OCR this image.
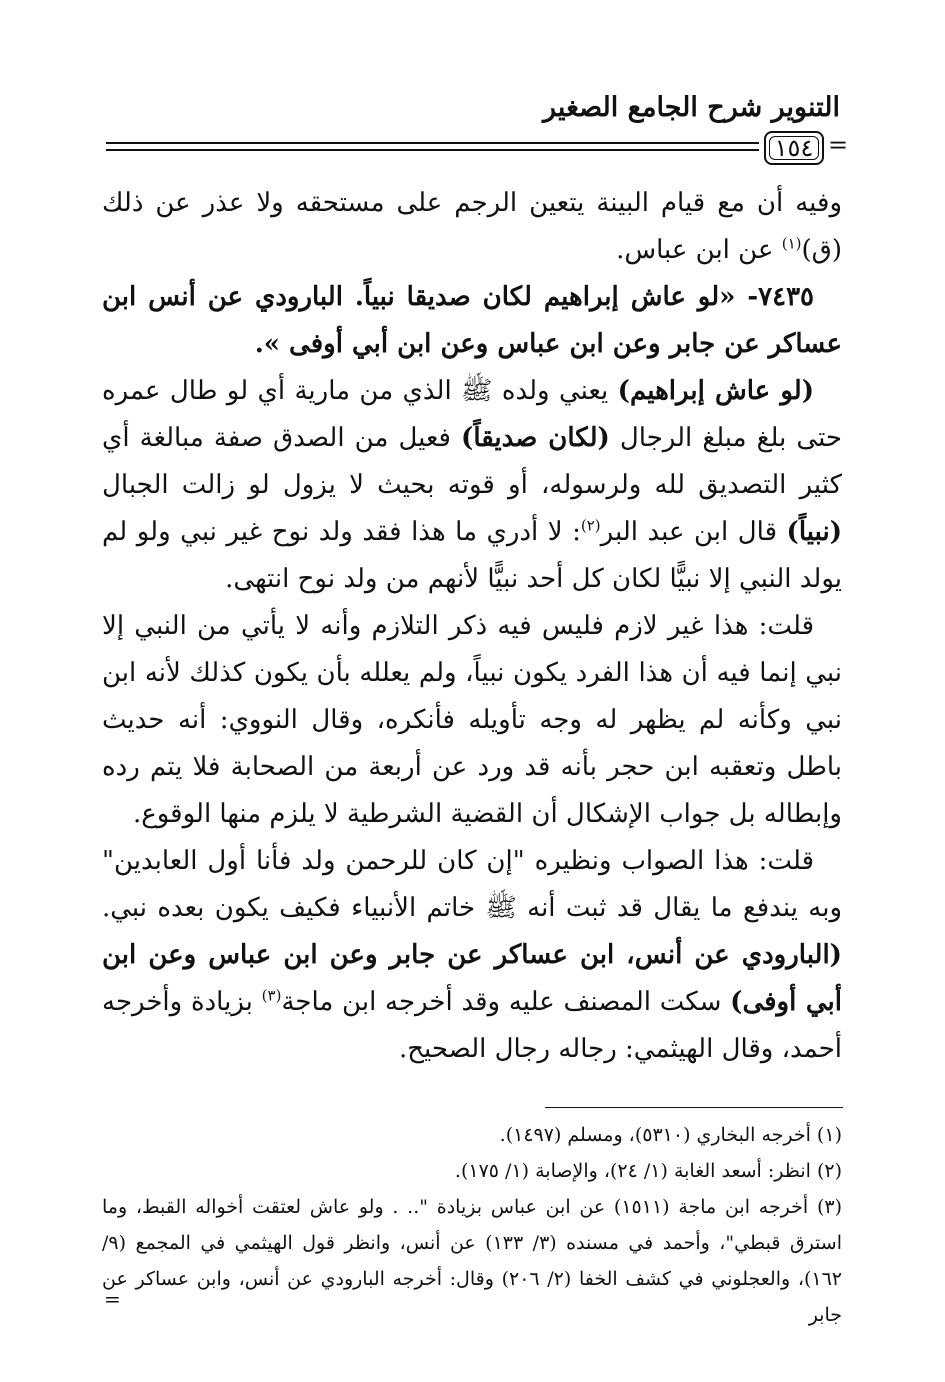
التنوير شرح الجامع الصغير
١٥٤ =

وفيه أن مع قيام البينة يتعين الرجم على مستحقه ولا عذر عن ذلك (ق)$^{(١)}$ عن ابن عباس.

٧٤٣٥- «لو عاش إبراهيم لكان صديقا نبياً. البارودي عن أنس ابن عساكر عن جابر وعن ابن عباس وعن ابن أبي أوفى ».

(لو عاش إبراهيم) يعني ولده ﷺ الذي من مارية أي لو طال عمره حتى بلغ مبلغ الرجال (لكان صديقاً) فعيل من الصدق صفة مبالغة أي كثير التصديق لله ولرسوله، أو قوته بحيث لا يزول لو زالت الجبال (نبياً) قال ابن عبد البر$^{(٢)}$: لا أدري ما هذا فقد ولد نوح غير نبي ولو لم يولد النبي إلا نبيًّا لكان كل أحد نبيًّا لأنهم من ولد نوح انتهى.

قلت: هذا غير لازم فليس فيه ذكر التلازم وأنه لا يأتي من النبي إلا نبي إنما فيه أن هذا الفرد يكون نبياً، ولم يعلله بأن يكون كذلك لأنه ابن نبي وكأنه لم يظهر له وجه تأويله فأنكره، وقال النووي: أنه حديث باطل وتعقبه ابن حجر بأنه قد ورد عن أربعة من الصحابة فلا يتم رده وإبطاله بل جواب الإشكال أن القضية الشرطية لا يلزم منها الوقوع.

قلت: هذا الصواب ونظيره "إن كان للرحمن ولد فأنا أول العابدين" وبه يندفع ما يقال قد ثبت أنه ﷺ خاتم الأنبياء فكيف يكون بعده نبي. (البارودي عن أنس، ابن عساكر عن جابر وعن ابن عباس وعن ابن أبي أوفى) سكت المصنف عليه وقد أخرجه ابن ماجة$^{(٣)}$ بزيادة وأخرجه أحمد، وقال الهيثمي: رجاله رجال الصحيح.

(١) أخرجه البخاري (٥٣١٠)، ومسلم (١٤٩٧).

(٢) انظر: أسعد الغابة (١/ ٢٤)، والإصابة (١/ ١٧٥).

(٣) أخرجه ابن ماجة (١٥١١) عن ابن عباس بزيادة ".. . ولو عاش لعتقت أخواله القبط، وما استرق قبطي"، وأحمد في مسنده (٣/ ١٣٣) عن أنس، وانظر قول الهيثمي في المجمع (٩/ ١٦٢)، والعجلوني في كشف الخفا (٢/ ٢٠٦) وقال: أخرجه البارودي عن أنس، وابن عساكر عن جابر

=
